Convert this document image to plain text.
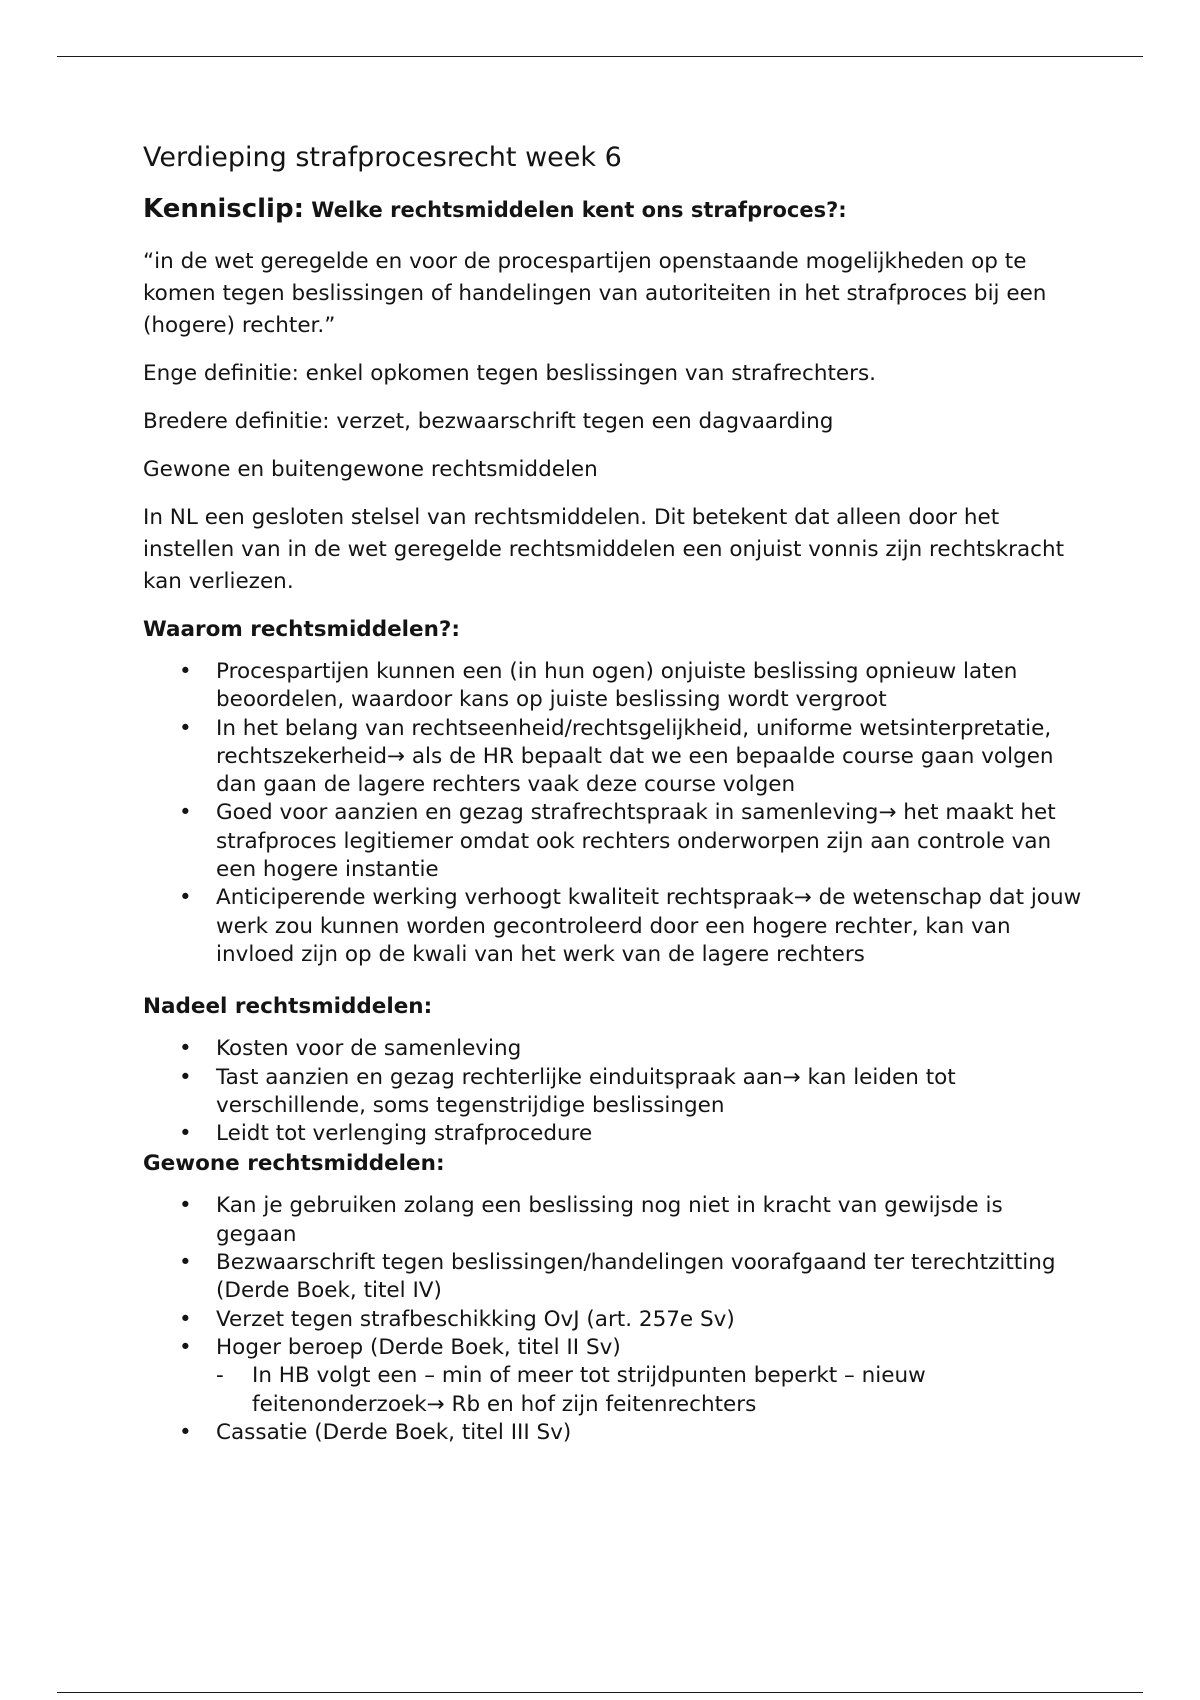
Verdieping strafprocesrecht week 6
Kennisclip: Welke rechtsmiddelen kent ons strafproces?:

“in de wet geregelde en voor de procespartijen openstaande mogelijkheden op te komen tegen beslissingen of handelingen van autoriteiten in het strafproces bij een (hogere) rechter.”

Enge definitie: enkel opkomen tegen beslissingen van strafrechters.

Bredere definitie: verzet, bezwaarschrift tegen een dagvaarding

Gewone en buitengewone rechtsmiddelen

In NL een gesloten stelsel van rechtsmiddelen. Dit betekent dat alleen door het instellen van in de wet geregelde rechtsmiddelen een onjuist vonnis zijn rechtskracht kan verliezen.

Waarom rechtsmiddelen?:
• Procespartijen kunnen een (in hun ogen) onjuiste beslissing opnieuw laten beoordelen, waardoor kans op juiste beslissing wordt vergroot
• In het belang van rechtseenheid/rechtsgelijkheid, uniforme wetsinterpretatie, rechtszekerheid→ als de HR bepaalt dat we een bepaalde course gaan volgen dan gaan de lagere rechters vaak deze course volgen
• Goed voor aanzien en gezag strafrechtspraak in samenleving→ het maakt het strafproces legitiemer omdat ook rechters onderworpen zijn aan controle van een hogere instantie
• Anticiperende werking verhoogt kwaliteit rechtspraak→ de wetenschap dat jouw werk zou kunnen worden gecontroleerd door een hogere rechter, kan van invloed zijn op de kwali van het werk van de lagere rechters
Nadeel rechtsmiddelen:
• Kosten voor de samenleving
• Tast aanzien en gezag rechterlijke einduitspraak aan→ kan leiden tot verschillende, soms tegenstrijdige beslissingen
• Leidt tot verlenging strafprocedure
Gewone rechtsmiddelen:
• Kan je gebruiken zolang een beslissing nog niet in kracht van gewijsde is gegaan
• Bezwaarschrift tegen beslissingen/handelingen voorafgaand ter terechtzitting (Derde Boek, titel IV)
• Verzet tegen strafbeschikking OvJ (art. 257e Sv)
• Hoger beroep (Derde Boek, titel II Sv)
- In HB volgt een – min of meer tot strijdpunten beperkt – nieuw feitenonderzoek→ Rb en hof zijn feitenrechters
• Cassatie (Derde Boek, titel III Sv)
